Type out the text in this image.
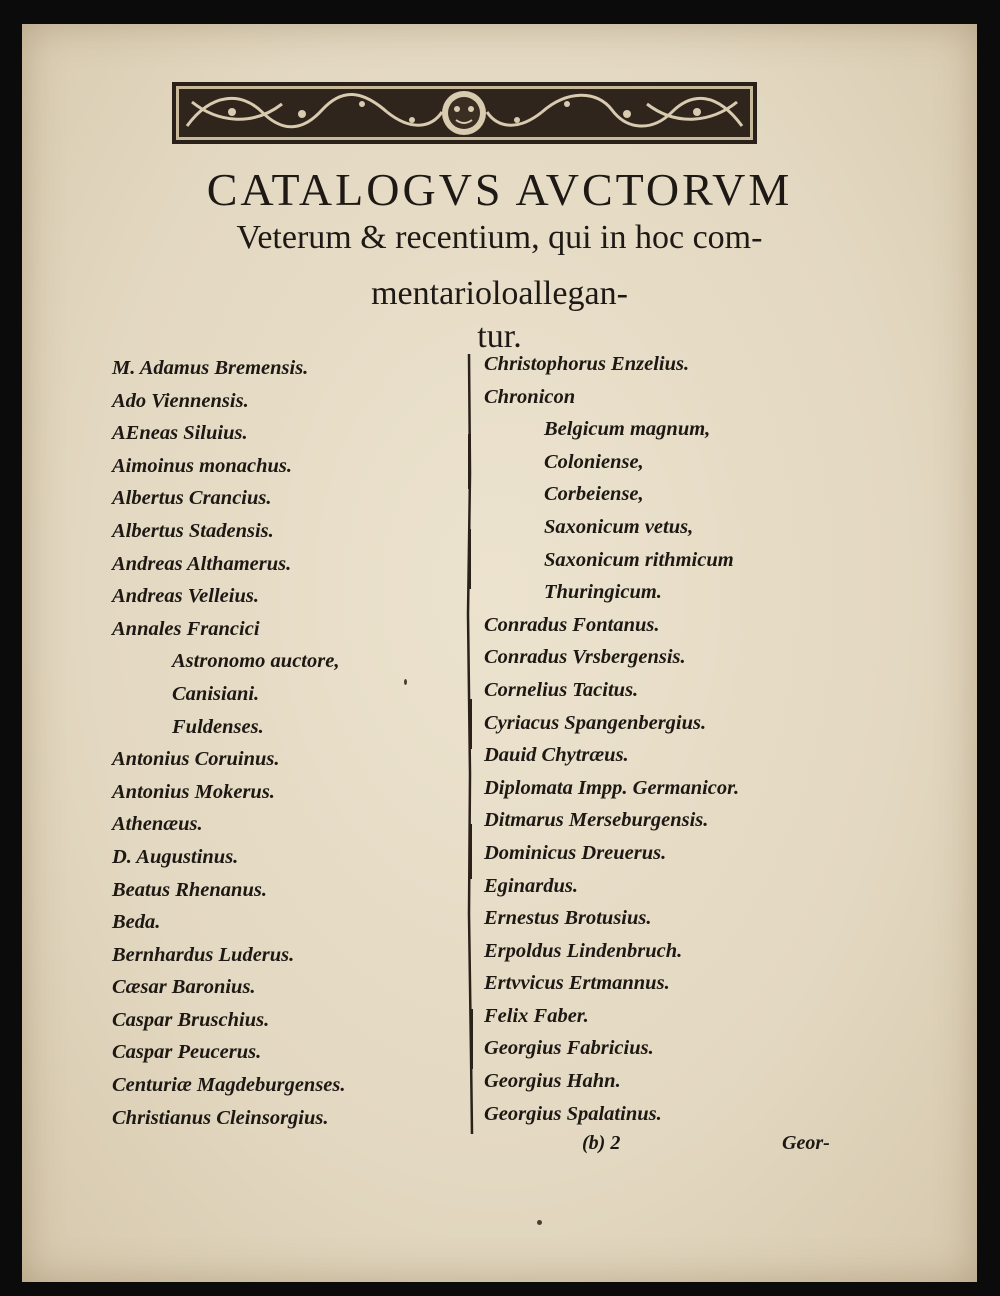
CATALOGVS AVCTORVM
Veterum & recentium, qui in hoc com-
mentarioloallegan-
tur.
M. Adamus Bremensis.
Ado Viennensis.
AEneas Siluius.
Aimoinus monachus.
Albertus Crancius.
Albertus Stadensis.
Andreas Althamerus.
Andreas Velleius.
Annales Francici
Astronomo auctore,
Canisiani.
Fuldenses.
Antonius Coruinus.
Antonius Mokerus.
Athenæus.
D. Augustinus.
Beatus Rhenanus.
Beda.
Bernhardus Luderus.
Cæsar Baronius.
Caspar Bruschius.
Caspar Peucerus.
Centuriæ Magdeburgenses.
Christianus Cleinsorgius.
Christophorus Enzelius.
Chronicon
Belgicum magnum,
Coloniense,
Corbeiense,
Saxonicum vetus,
Saxonicum rithmicum
Thuringicum.
Conradus Fontanus.
Conradus Vrsbergensis.
Cornelius Tacitus.
Cyriacus Spangenbergius.
Dauid Chytræus.
Diplomata Impp. Germanicor.
Ditmarus Merseburgensis.
Dominicus Dreuerus.
Eginardus.
Ernestus Brotusius.
Erpoldus Lindenbruch.
Ertvvicus Ertmannus.
Felix Faber.
Georgius Fabricius.
Georgius Hahn.
Georgius Spalatinus.
(b) 2	Geor-
